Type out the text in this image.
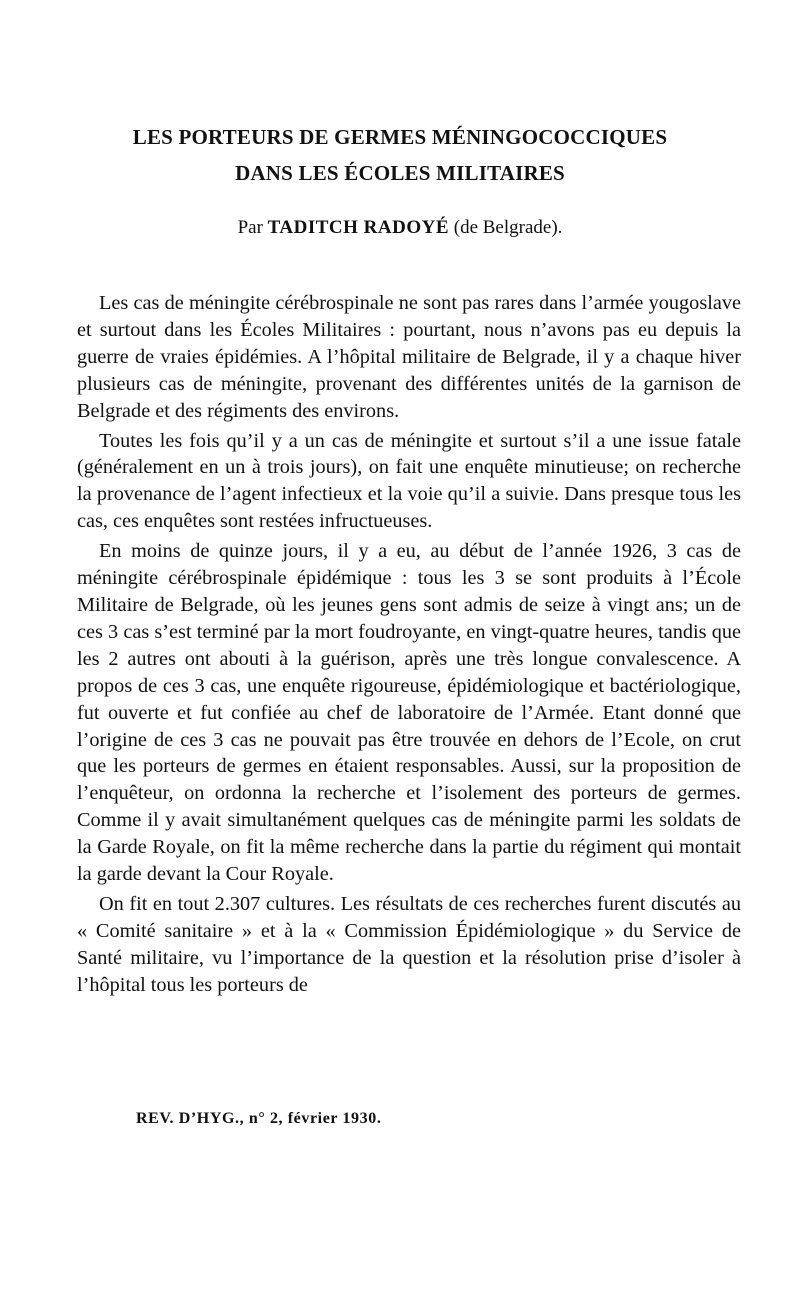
LES PORTEURS DE GERMES MÉNINGOCOCCIQUES
DANS LES ÉCOLES MILITAIRES
Par TADITCH RADOYÉ (de Belgrade).

Les cas de méningite cérébrospinale ne sont pas rares dans l’armée yougoslave et surtout dans les Écoles Militaires : pourtant, nous n’avons pas eu depuis la guerre de vraies épidémies. A l’hôpital militaire de Belgrade, il y a chaque hiver plusieurs cas de méningite, provenant des différentes unités de la garnison de Belgrade et des régiments des environs.

Toutes les fois qu’il y a un cas de méningite et surtout s’il a une issue fatale (généralement en un à trois jours), on fait une enquête minutieuse; on recherche la provenance de l’agent infectieux et la voie qu’il a suivie. Dans presque tous les cas, ces enquêtes sont restées infructueuses.

En moins de quinze jours, il y a eu, au début de l’année 1926, 3 cas de méningite cérébrospinale épidémique : tous les 3 se sont produits à l’École Militaire de Belgrade, où les jeunes gens sont admis de seize à vingt ans; un de ces 3 cas s’est terminé par la mort foudroyante, en vingt-quatre heures, tandis que les 2 autres ont abouti à la guérison, après une très longue convalescence. A propos de ces 3 cas, une enquête rigoureuse, épidémiologique et bactériologique, fut ouverte et fut confiée au chef de laboratoire de l’Armée. Etant donné que l’origine de ces 3 cas ne pouvait pas être trouvée en dehors de l’Ecole, on crut que les porteurs de germes en étaient responsables. Aussi, sur la proposition de l’enquêteur, on ordonna la recherche et l’isolement des porteurs de germes. Comme il y avait simultanément quelques cas de méningite parmi les soldats de la Garde Royale, on fit la même recherche dans la partie du régiment qui montait la garde devant la Cour Royale.

On fit en tout 2.307 cultures. Les résultats de ces recherches furent discutés au « Comité sanitaire » et à la « Commission Épidémiologique » du Service de Santé militaire, vu l’importance de la question et la résolution prise d’isoler à l’hôpital tous les porteurs de

REV. D’HYG., n° 2, février 1930.
